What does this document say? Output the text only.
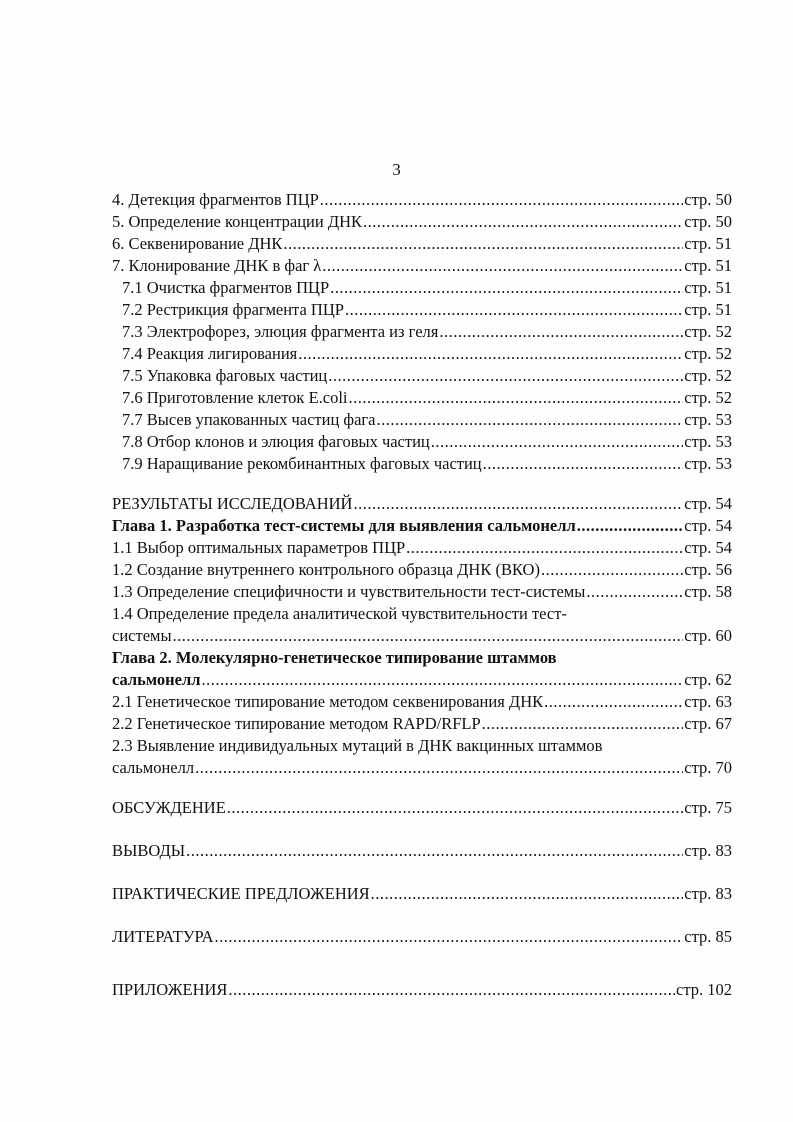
3
4. Детекция фрагментов ПЦР .....	стр. 50
5. Определение концентрации ДНК .....	стр. 50
6. Секвенирование ДНК .....	стр. 51
7. Клонирование ДНК в фаг λ .....	стр. 51
7.1 Очистка фрагментов ПЦР .....	стр. 51
7.2 Рестрикция фрагмента ПЦР .....	стр. 51
7.3 Электрофорез, элюция фрагмента из геля .....	стр. 52
7.4 Реакция лигирования .....	стр. 52
7.5 Упаковка фаговых частиц .....	стр. 52
7.6 Приготовление клеток E.coli .....	стр. 52
7.7 Высев упакованных частиц фага .....	стр. 53
7.8 Отбор клонов и элюция фаговых частиц .....	стр. 53
7.9 Наращивание рекомбинантных фаговых частиц .....	стр. 53
РЕЗУЛЬТАТЫ ИССЛЕДОВАНИЙ .....	стр. 54
Глава 1. Разработка тест-системы для выявления сальмонелл .....	стр. 54
1.1 Выбор оптимальных параметров ПЦР .....	стр. 54
1.2 Создание внутреннего контрольного образца ДНК (ВКО) .....	стр. 56
1.3 Определение специфичности и чувствительности тест-системы .....	стр. 58
1.4 Определение предела аналитической чувствительности тест-
системы .....	стр. 60
Глава 2. Молекулярно-генетическое типирование штаммов
сальмонелл .....	стр. 62
2.1 Генетическое типирование методом секвенирования ДНК .....	стр. 63
2.2 Генетическое типирование методом RAPD/RFLP .....	стр. 67
2.3 Выявление индивидуальных мутаций в ДНК вакцинных штаммов
сальмонелл .....	стр. 70
ОБСУЖДЕНИЕ .....	стр. 75
ВЫВОДЫ .....	стр. 83
ПРАКТИЧЕСКИЕ ПРЕДЛОЖЕНИЯ .....	стр. 83
ЛИТЕРАТУРА .....	стр. 85
ПРИЛОЖЕНИЯ .....	стр. 102
